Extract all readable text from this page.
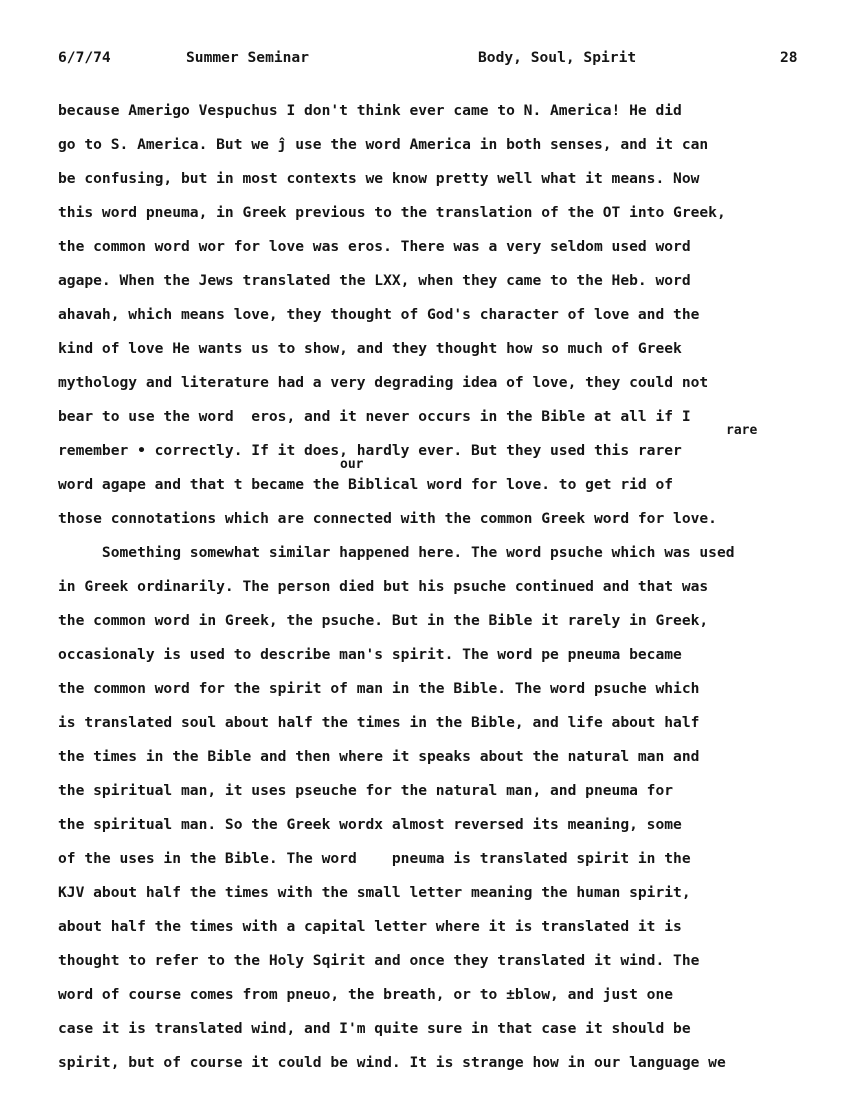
6/7/74	Summer Seminar	Body, Soul, Spirit	28
because Amerigo Vespuchus I don't think ever came to N. America! He did
go to S. America. But we ĵ use the word America in both senses, and it can
be confusing, but in most contexts we know pretty well what it means. Now
this word pneuma, in Greek previous to the translation of the OT into Greek,
the common word wor for love was eros. There was a very seldom used word
agape. When the Jews translated the LXX, when they came to the Heb. word
ahavah, which means love, they thought of God's character of love and the
kind of love He wants us to show, and they thought how so much of Greek
mythology and literature had a very degrading idea of love, they could not
bear to use the word  eros, and it never occurs in the Bible at all if I
rare
remember • correctly. If it does, hardly ever. But they used this rarer
our
word agape and that t became the Biblical word for love. to get rid of
those connotations which are connected with the common Greek word for love.
Something somewhat similar happened here. The word psuche which was used
in Greek ordinarily. The person died but his psuche continued and that was
the common word in Greek, the psuche. But in the Bible it rarely in Greek,
occasionaly is used to describe man's spirit. The word pe pneuma became
the common word for the spirit of man in the Bible. The word psuche which
is translated soul about half the times in the Bible, and life about half
the times in the Bible and then where it speaks about the natural man and
the spiritual man, it uses pseuche for the natural man, and pneuma for
the spiritual man. So the Greek wordx almost reversed its meaning, some
of the uses in the Bible. The word    pneuma is translated spirit in the
KJV about half the times with the small letter meaning the human spirit,
about half the times with a capital letter where it is translated it is
thought to refer to the Holy Sqirit and once they translated it wind. The
word of course comes from pneuo, the breath, or to ±blow, and just one
case it is translated wind, and I'm quite sure in that case it should be
spirit, but of course it could be wind. It is strange how in our language we
